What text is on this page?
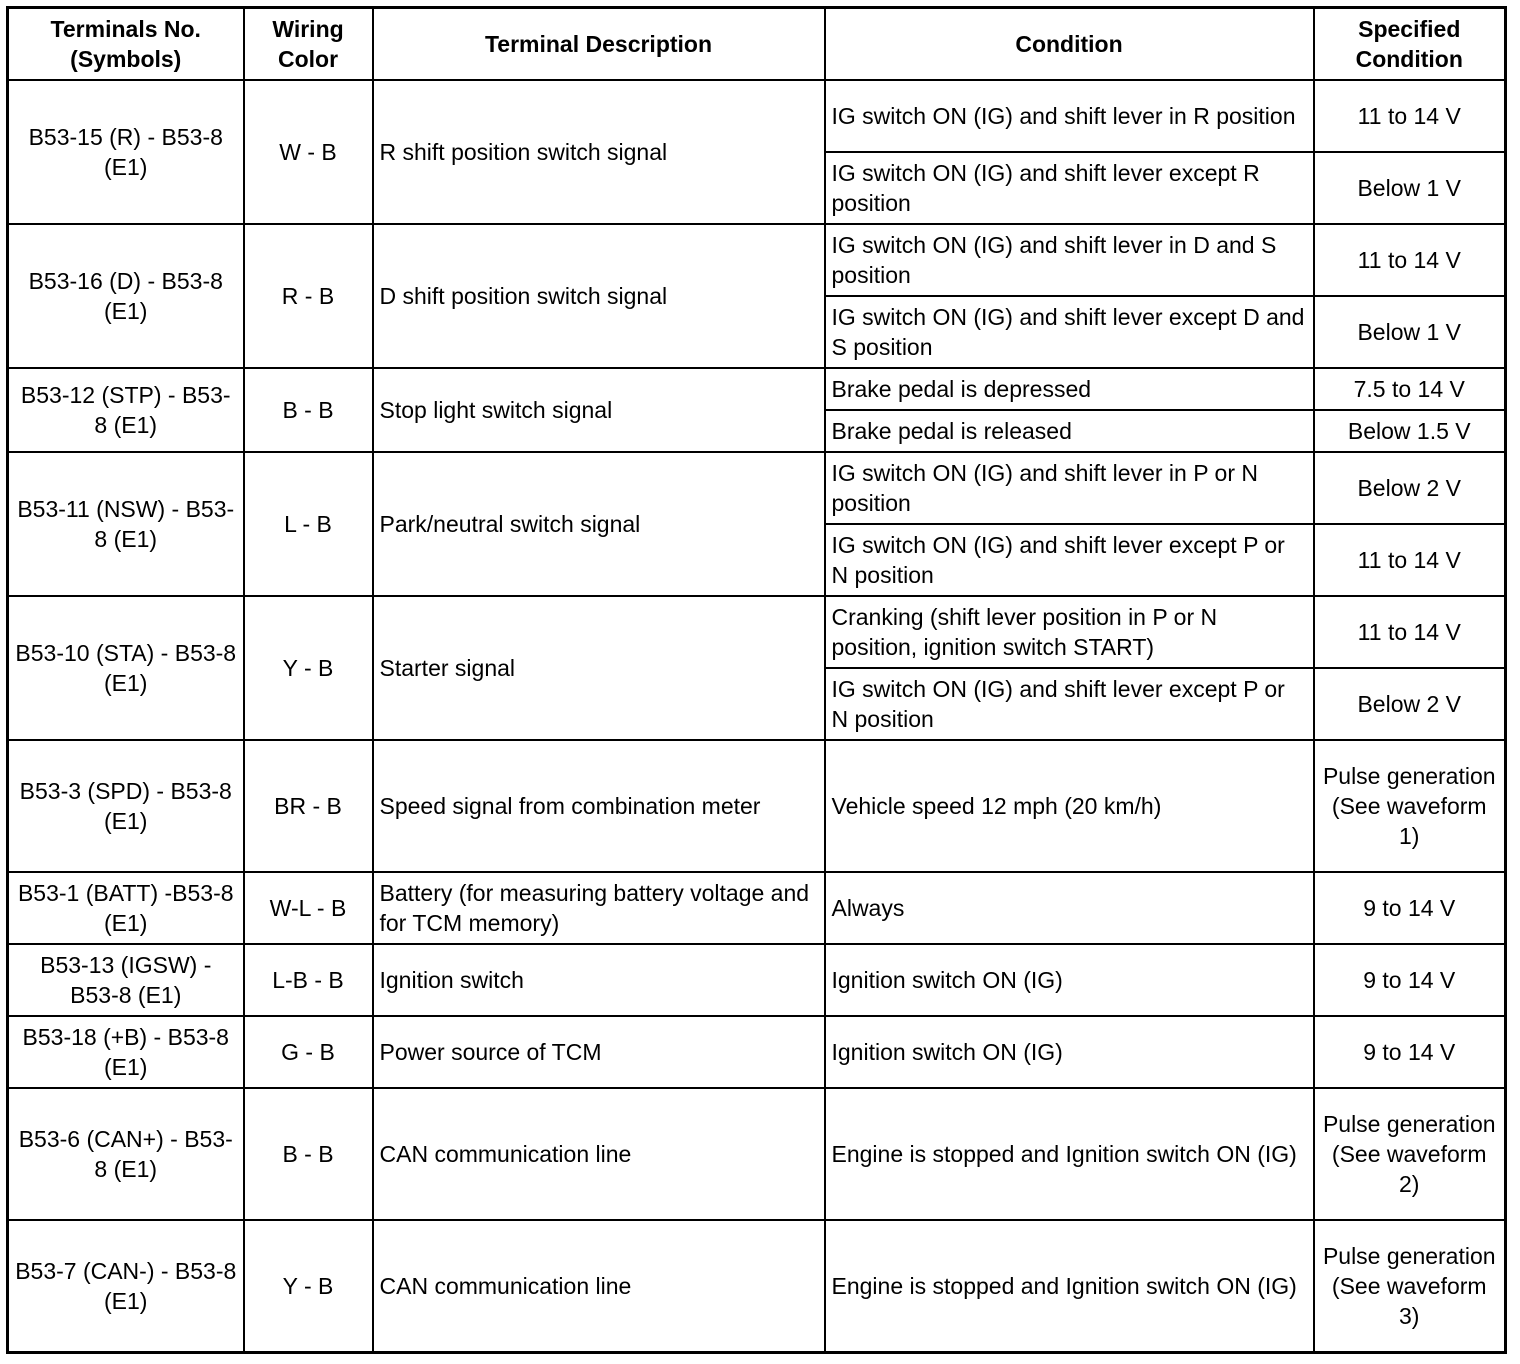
Terminals No. (Symbols)	Wiring Color	Terminal Description	Condition	Specified Condition
B53-15 (R) - B53-8 (E1)	W - B	R shift position switch signal	IG switch ON (IG) and shift lever in R position	11 to 14 V
			IG switch ON (IG) and shift lever except R position	Below 1 V
B53-16 (D) - B53-8 (E1)	R - B	D shift position switch signal	IG switch ON (IG) and shift lever in D and S position	11 to 14 V
			IG switch ON (IG) and shift lever except D and S position	Below 1 V
B53-12 (STP) - B53-8 (E1)	B - B	Stop light switch signal	Brake pedal is depressed	7.5 to 14 V
			Brake pedal is released	Below 1.5 V
B53-11 (NSW) - B53-8 (E1)	L - B	Park/neutral switch signal	IG switch ON (IG) and shift lever in P or N position	Below 2 V
			IG switch ON (IG) and shift lever except P or N position	11 to 14 V
B53-10 (STA) - B53-8 (E1)	Y - B	Starter signal	Cranking (shift lever position in P or N position, ignition switch START)	11 to 14 V
			IG switch ON (IG) and shift lever except P or N position	Below 2 V
B53-3 (SPD) - B53-8 (E1)	BR - B	Speed signal from combination meter	Vehicle speed 12 mph (20 km/h)	Pulse generation (See waveform 1)
B53-1 (BATT) -B53-8 (E1)	W-L - B	Battery (for measuring battery voltage and for TCM memory)	Always	9 to 14 V
B53-13 (IGSW) - B53-8 (E1)	L-B - B	Ignition switch	Ignition switch ON (IG)	9 to 14 V
B53-18 (+B) - B53-8 (E1)	G - B	Power source of TCM	Ignition switch ON (IG)	9 to 14 V
B53-6 (CAN+) - B53-8 (E1)	B - B	CAN communication line	Engine is stopped and Ignition switch ON (IG)	Pulse generation (See waveform 2)
B53-7 (CAN-) - B53-8 (E1)	Y - B	CAN communication line	Engine is stopped and Ignition switch ON (IG)	Pulse generation (See waveform 3)
